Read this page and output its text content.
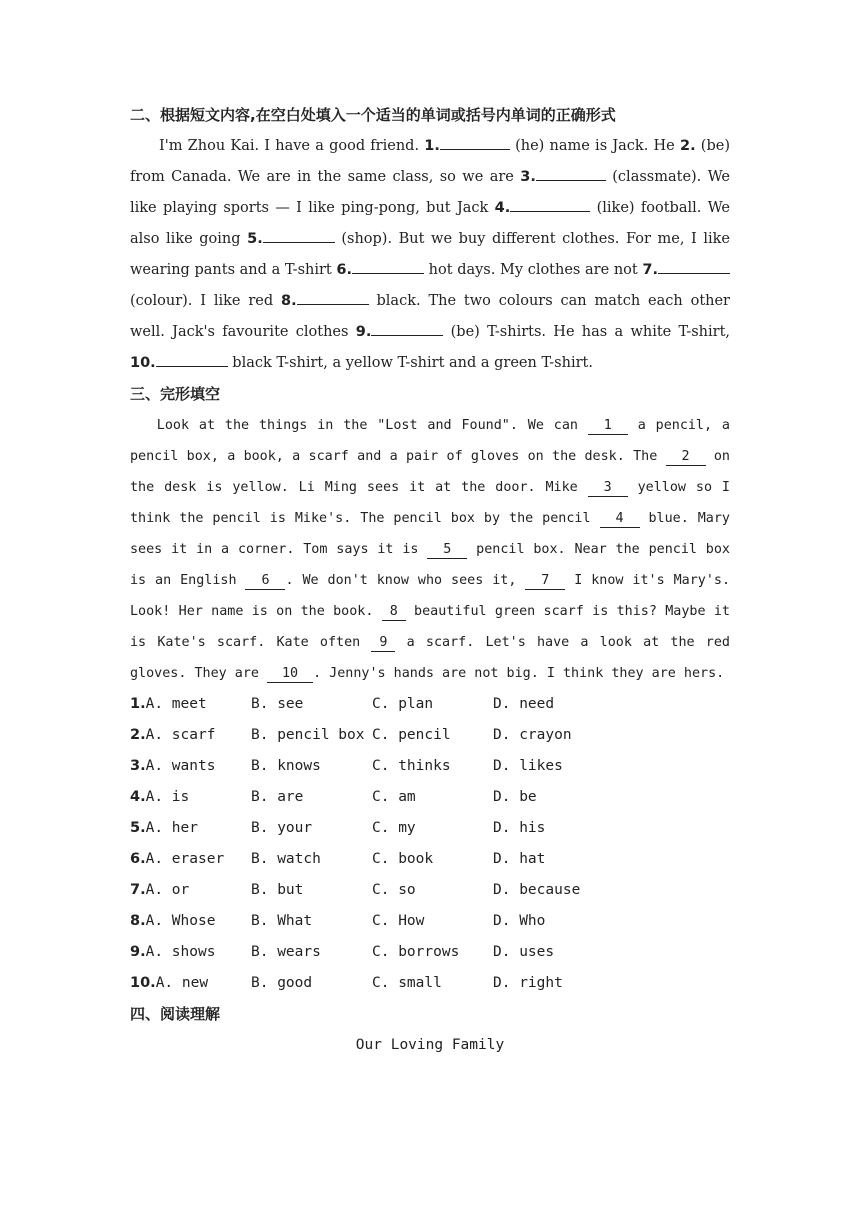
二、根据短文内容,在空白处填入一个适当的单词或括号内单词的正确形式

I'm Zhou Kai. I have a good friend. 1.	(he) name is Jack. He 2. (be) from Canada. We are in the same class, so we are 3.	(classmate). We like playing sports — I like ping-pong, but Jack 4.	(like) football. We also like going 5.	(shop). But we buy different clothes. For me, I like wearing pants and a T-shirt 6.	hot days. My clothes are not 7. (colour). I like red 8.	black. The two colours can match each other well. Jack's favourite clothes 9.	(be) T-shirts. He has a white T-shirt, 10.	black T-shirt, a yellow T-shirt and a green T-shirt.

三、完形填空

Look at the things in the "Lost and Found". We can 1 a pencil, a pencil box, a book, a scarf and a pair of gloves on the desk. The 2 on the desk is yellow. Li Ming sees it at the door. Mike 3 yellow so I think the pencil is Mike's. The pencil box by the pencil 4 blue. Mary sees it in a corner. Tom says it is 5 pencil box. Near the pencil box is an English 6 . We don't know who sees it, 7 I know it's Mary's. Look! Her name is on the book. 8 beautiful green scarf is this? Maybe it is Kate's scarf. Kate often 9 a scarf. Let's have a look at the red gloves. They are 10 . Jenny's hands are not big. I think they are hers.

1.A. meet	B. see	C. plan	D. need
2.A. scarf	B. pencil box C. pencil	D. crayon
3.A. wants	B. knows	C. thinks	D. likes
4.A. is	B. are	C. am	D. be
5.A. her	B. your	C. my	D. his
6.A. eraser	B. watch	C. book	D. hat
7.A. or	B. but	C. so	D. because
8.A. Whose	B. What	C. How	D. Who
9.A. shows	B. wears	C. borrows	D. uses
10.A. new	B. good	C. small	D. right
四、阅读理解
Our Loving Family
